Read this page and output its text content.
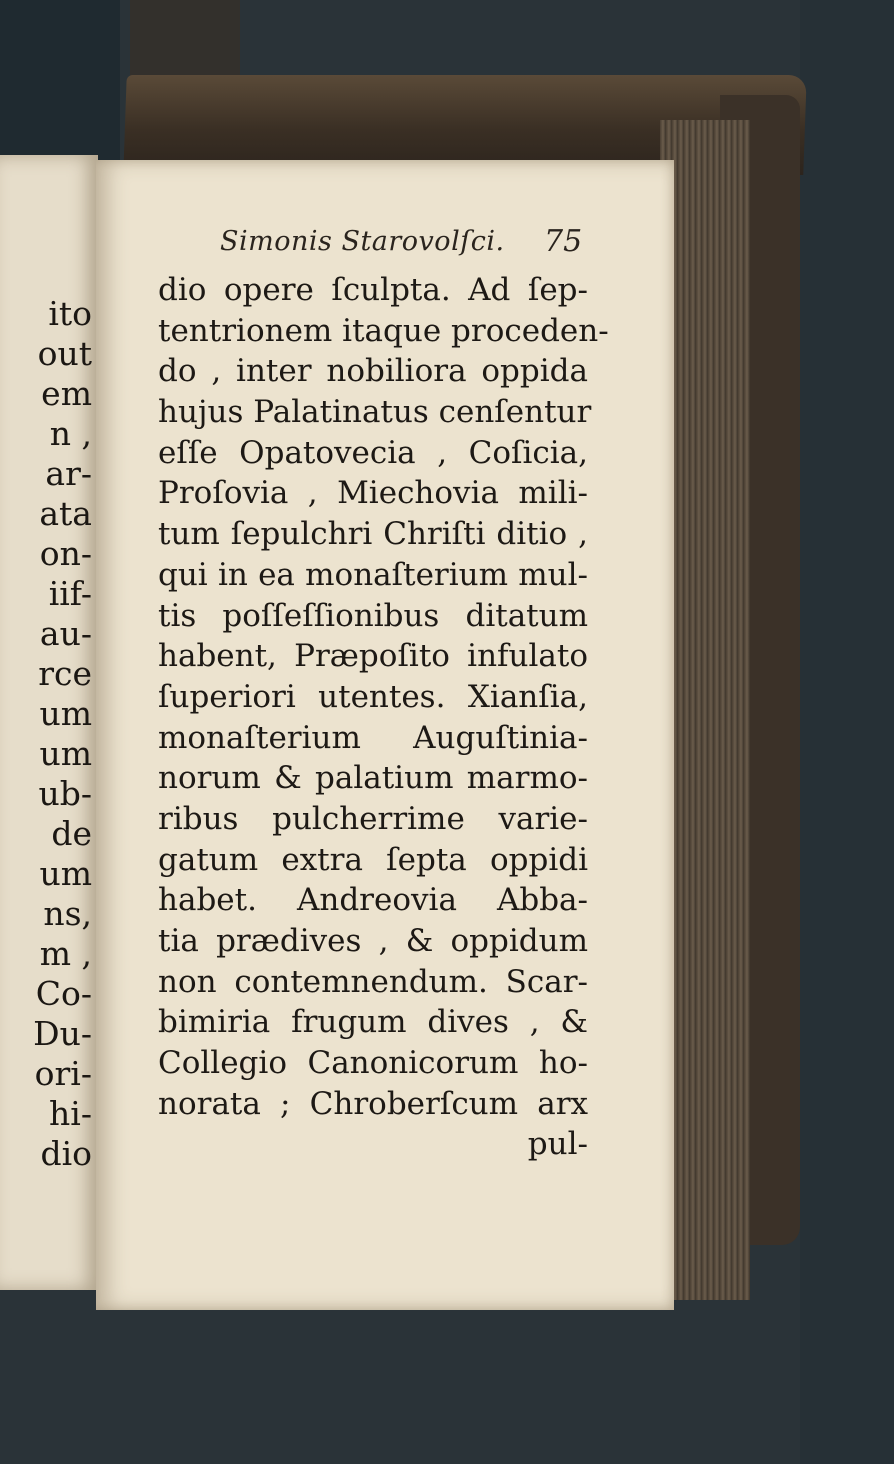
ito
out
em
n ,
ar-
ata
on-
iif-
au-
rce
um
um
ub-
de
um
ns,
m ,
Co-
Du-
ori-
hi-
dio
Simonis Starovolſci.	75
dio opere ſculpta. Ad ſep-
tentrionem itaque proceden-
do , inter nobiliora oppida
hujus Palatinatus cenſentur
eſſe Opatovecia , Coſicia,
Proſovia , Miechovia mili-
tum ſepulchri Chriſti ditio ,
qui in ea monaſterium mul-
tis poſſeſſionibus ditatum
habent, Præpoſito infulato
ſuperiori utentes. Xianſia,
monaſterium Auguſtinia-
norum & palatium marmo-
ribus pulcherrime varie-
gatum extra ſepta oppidi
habet. Andreovia Abba-
tia prædives , & oppidum
non contemnendum. Scar-
bimiria frugum dives , &
Collegio Canonicorum ho-
norata ; Chroberſcum arx
pul-
